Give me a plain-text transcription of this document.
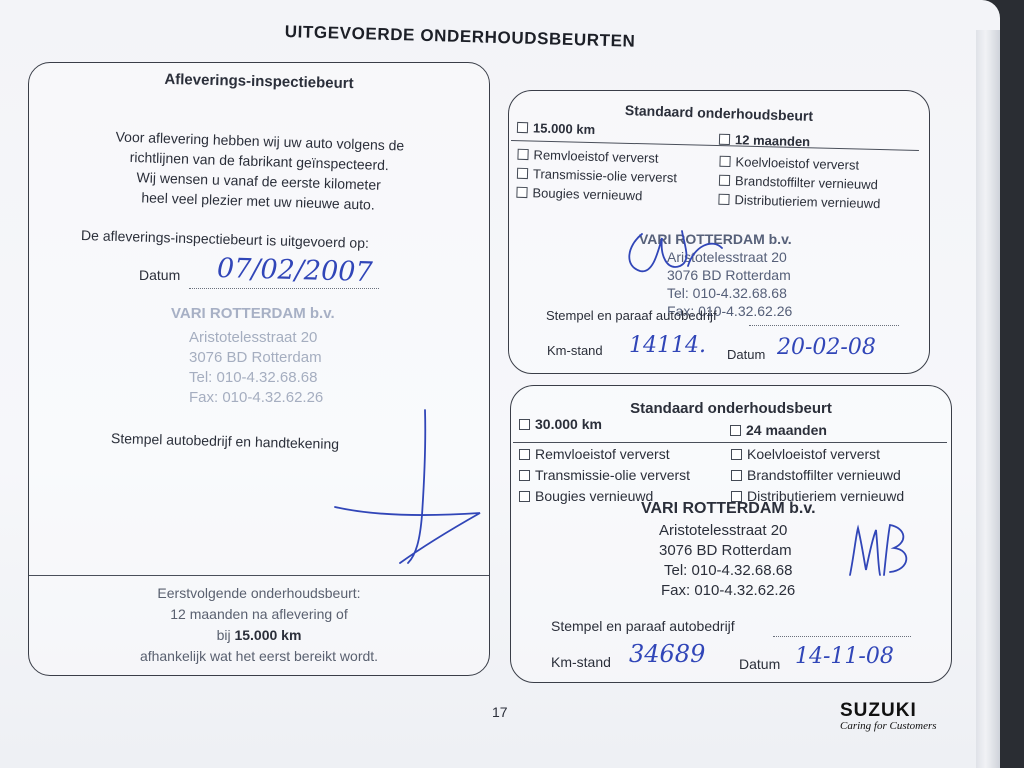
UITGEVOERDE ONDERHOUDSBEURTEN
Afleverings-inspectiebeurt
Voor aflevering hebben wij uw auto volgens de
richtlijnen van de fabrikant geïnspecteerd.
Wij wensen u vanaf de eerste kilometer
heel veel plezier met uw nieuwe auto.
De afleverings-inspectiebeurt is uitgevoerd op:
Datum 07/02/2007
VARI ROTTERDAM b.v.
Aristotelesstraat 20
3076 BD Rotterdam
Tel: 010-4.32.68.68
Fax: 010-4.32.62.26
Stempel autobedrijf en handtekening
Eerstvolgende onderhoudsbeurt:
12 maanden na aflevering of
bij 15.000 km
afhankelijk wat het eerst bereikt wordt.
Standaard onderhoudsbeurt
15.000 km
12 maanden
Remvloeistof ververst
Transmissie-olie ververst
Bougies vernieuwd
Koelvloeistof ververst
Brandstoffilter vernieuwd
Distributieriem vernieuwd
VARI ROTTERDAM b.v.
Aristotelesstraat 20
3076 BD Rotterdam
Tel: 010-4.32.68.68
Fax: 010-4.32.62.26
Stempel en paraaf autobedrijf
Km-stand 14114. Datum 20-02-08
Standaard onderhoudsbeurt
30.000 km	24 maanden
Remvloeistof ververst
Transmissie-olie ververst
Bougies vernieuwd
Koelvloeistof ververst
Brandstoffilter vernieuwd
Distributieriem vernieuwd
VARI ROTTERDAM b.v.
Aristotelesstraat 20
3076 BD Rotterdam
Tel: 010-4.32.68.68
Fax: 010-4.32.62.26
Stempel en paraaf autobedrijf
Km-stand 34689 Datum 14-11-08
17	SUZUKI
Caring for Customers
